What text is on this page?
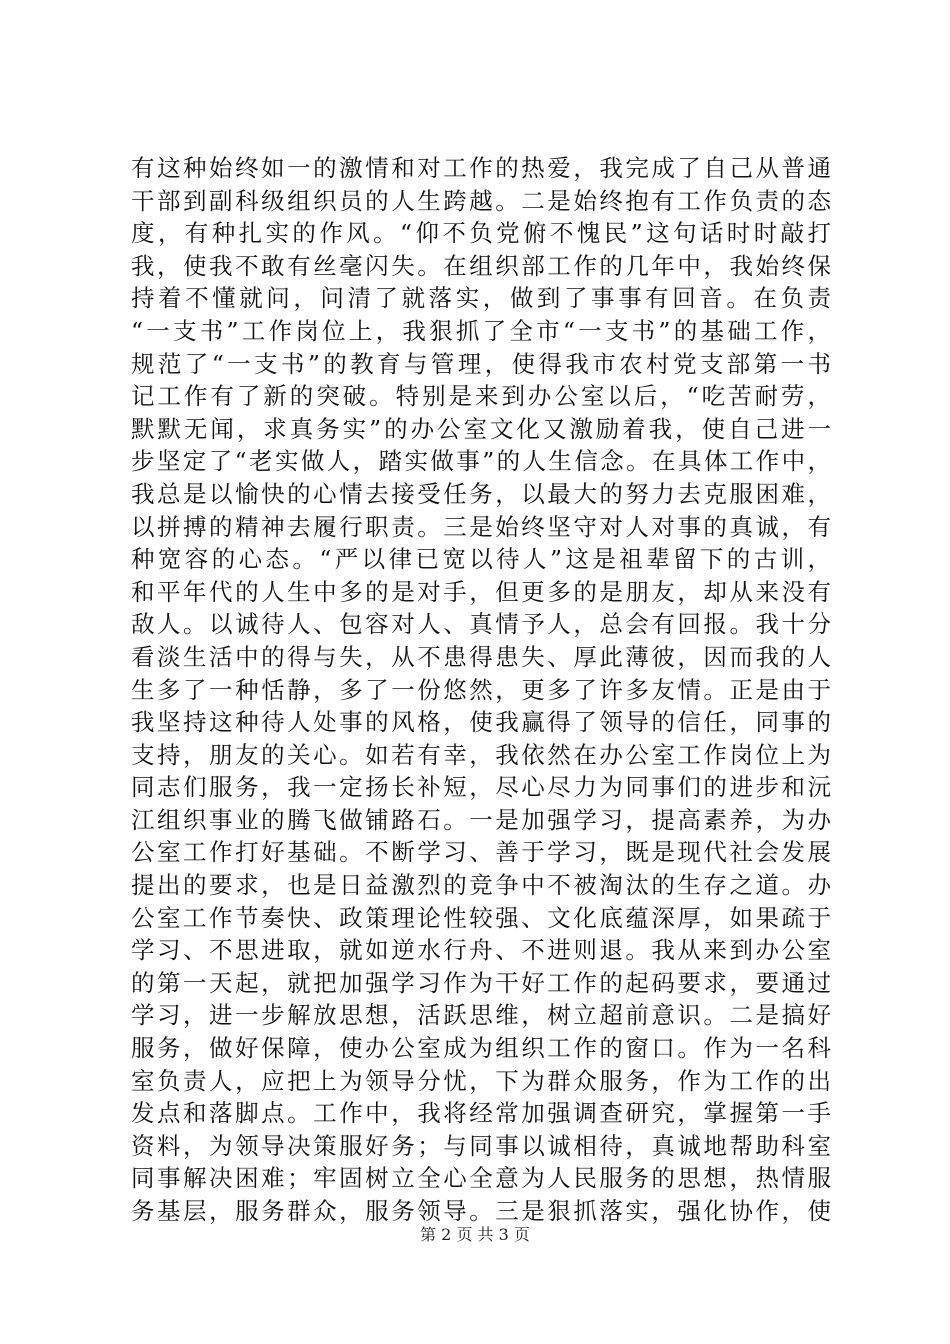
有这种始终如一的激情和对工作的热爱，我完成了自己从普通
干部到副科级组织员的人生跨越。二是始终抱有工作负责的态
度，有种扎实的作风。“仰不负党俯不愧民”这句话时时敲打
我，使我不敢有丝毫闪失。在组织部工作的几年中，我始终保
持着不懂就问，问清了就落实，做到了事事有回音。在负责
“一支书”工作岗位上，我狠抓了全市“一支书”的基础工作，
规范了“一支书”的教育与管理，使得我市农村党支部第一书
记工作有了新的突破。特别是来到办公室以后，“吃苦耐劳，
默默无闻，求真务实”的办公室文化又激励着我，使自己进一
步坚定了“老实做人，踏实做事”的人生信念。在具体工作中，
我总是以愉快的心情去接受任务，以最大的努力去克服困难，
以拼搏的精神去履行职责。三是始终坚守对人对事的真诚，有
种宽容的心态。“严以律已宽以待人”这是祖辈留下的古训，
和平年代的人生中多的是对手，但更多的是朋友，却从来没有
敌人。以诚待人、包容对人、真情予人，总会有回报。我十分
看淡生活中的得与失，从不患得患失、厚此薄彼，因而我的人
生多了一种恬静，多了一份悠然，更多了许多友情。正是由于
我坚持这种待人处事的风格，使我赢得了领导的信任，同事的
支持，朋友的关心。如若有幸，我依然在办公室工作岗位上为
同志们服务，我一定扬长补短，尽心尽力为同事们的进步和沅
江组织事业的腾飞做铺路石。一是加强学习，提高素养，为办
公室工作打好基础。不断学习、善于学习，既是现代社会发展
提出的要求，也是日益激烈的竞争中不被淘汰的生存之道。办
公室工作节奏快、政策理论性较强、文化底蕴深厚，如果疏于
学习、不思进取，就如逆水行舟、不进则退。我从来到办公室
的第一天起，就把加强学习作为干好工作的起码要求，要通过
学习，进一步解放思想，活跃思维，树立超前意识。二是搞好
服务，做好保障，使办公室成为组织工作的窗口。作为一名科
室负责人，应把上为领导分忧，下为群众服务，作为工作的出
发点和落脚点。工作中，我将经常加强调查研究，掌握第一手
资料，为领导决策服好务；与同事以诚相待，真诚地帮助科室
同事解决困难；牢固树立全心全意为人民服务的思想，热情服
务基层，服务群众，服务领导。三是狠抓落实，强化协作，使
第 2 页 共 3 页
